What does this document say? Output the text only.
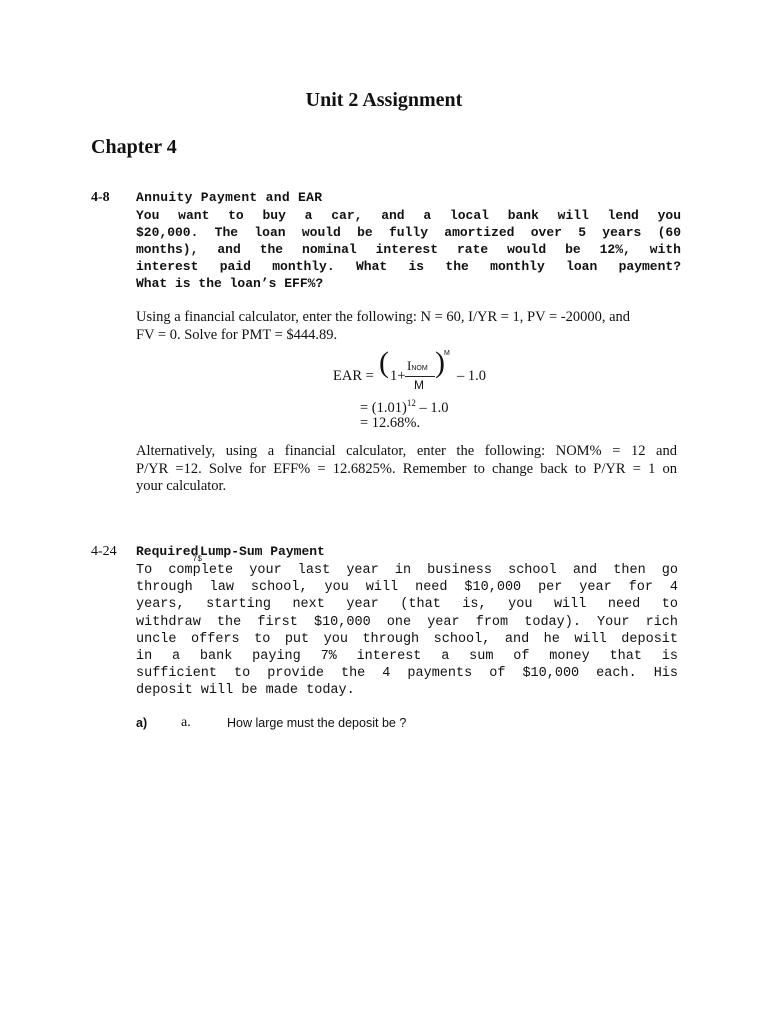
Unit 2 Assignment
Chapter 4
4-8 Annuity Payment and EAR
You want to buy a car, and a local bank will lend you
$20,000. The loan would be fully amortized over 5 years (60
months), and the nominal interest rate would be 12%, with
interest paid monthly. What is the monthly loan payment?
What is the loan’s EFF%?
Using a financial calculator, enter the following: N = 60, I/YR = 1, PV = -20000, and
FV = 0. Solve for PMT = $444.89.
EAR = ( 1+
INOM
M
) M
– 1.0
= $(1.01)^{12} - 1.0$
= 12.68%.
Alternatively, using a financial calculator, enter the following: NOM% = 12 and
P/YR =12. Solve for EFF% = 12.6825%. Remember to change back to P/YR = 1 on
your calculator.
4-24 Required$_{7\$}$Lump-Sum Payment
To complete your last year in business school and then go
through law school, you will need $10,000 per year for 4
years, starting next year (that is, you will need to
withdraw the first $10,000 one year from today). Your rich
uncle offers to put you through school, and he will deposit
in a bank paying 7% interest a sum of money that is
sufficient to provide the 4 payments of $10,000 each. His
deposit will be made today.
a) a.	How large must the deposit be ?
